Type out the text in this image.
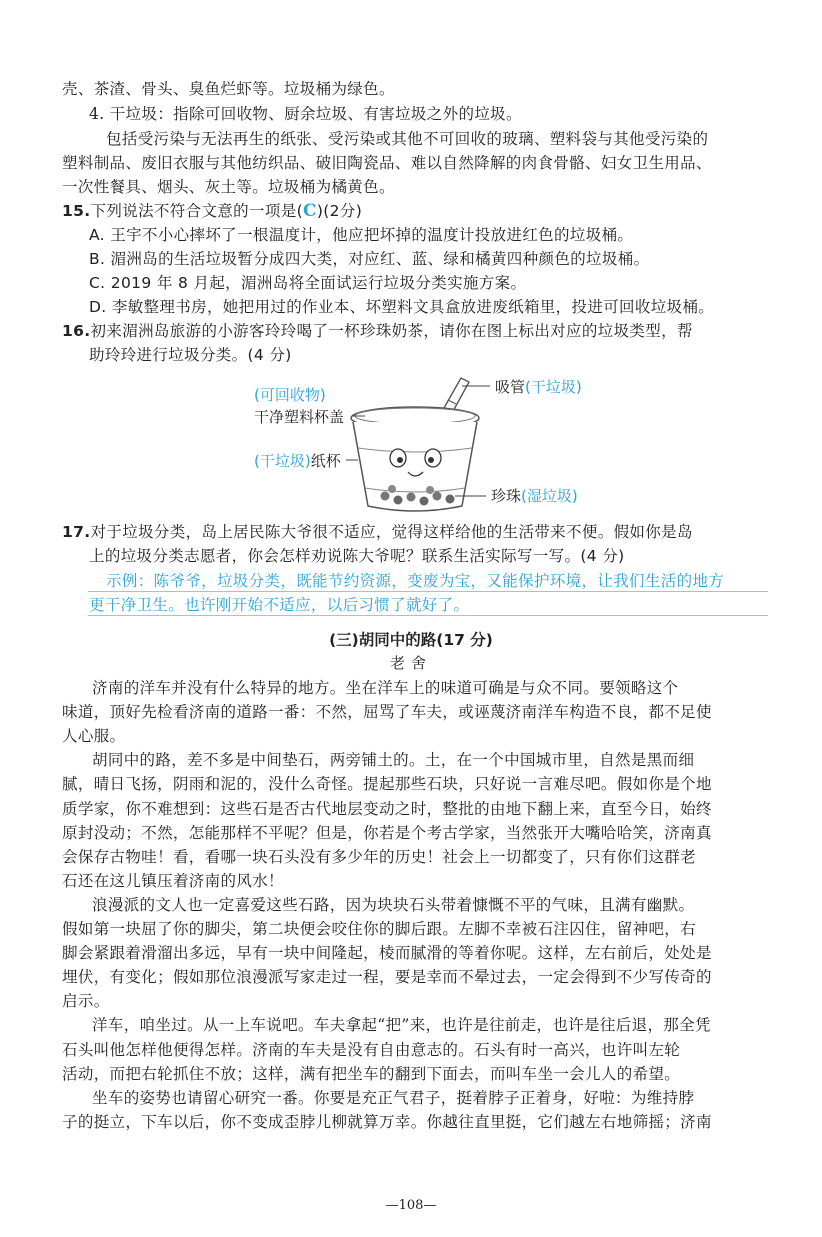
壳、茶渣、骨头、臭鱼烂虾等。垃圾桶为绿色。
4. 干垃圾：指除可回收物、厨余垃圾、有害垃圾之外的垃圾。
包括受污染与无法再生的纸张、受污染或其他不可回收的玻璃、塑料袋与其他受污染的
塑料制品、废旧衣服与其他纺织品、破旧陶瓷品、难以自然降解的肉食骨骼、妇女卫生用品、
一次性餐具、烟头、灰土等。垃圾桶为橘黄色。
15.下列说法不符合文意的一项是(C)(2分)
A. 王宇不小心摔坏了一根温度计，他应把坏掉的温度计投放进红色的垃圾桶。
B. 湄洲岛的生活垃圾暂分成四大类，对应红、蓝、绿和橘黄四种颜色的垃圾桶。
C. 2019 年 8 月起，湄洲岛将全面试运行垃圾分类实施方案。
D. 李敏整理书房，她把用过的作业本、坏塑料文具盒放进废纸箱里，投进可回收垃圾桶。
16.初来湄洲岛旅游的小游客玲玲喝了一杯珍珠奶茶，请你在图上标出对应的垃圾类型，帮
助玲玲进行垃圾分类。(4 分)
(可回收物)
干净塑料杯盖
(干垃圾)纸杯
吸管(干垃圾)
珍珠(湿垃圾)
17.对于垃圾分类，岛上居民陈大爷很不适应，觉得这样给他的生活带来不便。假如你是岛
上的垃圾分类志愿者，你会怎样劝说陈大爷呢？联系生活实际写一写。(4 分)
示例：陈爷爷，垃圾分类，既能节约资源，变废为宝，又能保护环境，让我们生活的地方
更干净卫生。也许刚开始不适应，以后习惯了就好了。
(三)胡同中的路(17 分)
老舍
济南的洋车并没有什么特异的地方。坐在洋车上的味道可确是与众不同。要领略这个
味道，顶好先检看济南的道路一番：不然，屈骂了车夫，或诬蔑济南洋车构造不良，都不足使
人心服。
胡同中的路，差不多是中间垫石，两旁铺土的。土，在一个中国城市里，自然是黑而细
腻，晴日飞扬，阴雨和泥的，没什么奇怪。提起那些石块，只好说一言难尽吧。假如你是个地
质学家，你不难想到：这些石是否古代地层变动之时，整批的由地下翻上来，直至今日，始终
原封没动；不然，怎能那样不平呢？但是，你若是个考古学家，当然张开大嘴哈哈笑，济南真
会保存古物哇！看，看哪一块石头没有多少年的历史！社会上一切都变了，只有你们这群老
石还在这儿镇压着济南的风水！
浪漫派的文人也一定喜爱这些石路，因为块块石头带着慷慨不平的气味，且满有幽默。
假如第一块屈了你的脚尖，第二块便会咬住你的脚后跟。左脚不幸被石注囚住，留神吧，右
脚会紧跟着滑溜出多远，早有一块中间隆起，棱而腻滑的等着你呢。这样，左右前后，处处是
埋伏，有变化；假如那位浪漫派写家走过一程，要是幸而不晕过去，一定会得到不少写传奇的
启示。
洋车，咱坐过。从一上车说吧。车夫拿起“把”来，也许是往前走，也许是往后退，那全凭
石头叫他怎样他便得怎样。济南的车夫是没有自由意志的。石头有时一高兴，也许叫左轮
活动，而把右轮抓住不放；这样，满有把坐车的翻到下面去，而叫车坐一会儿人的希望。
坐车的姿势也请留心研究一番。你要是充正气君子，挺着脖子正着身，好啦：为维持脖
子的挺立，下车以后，你不变成歪脖儿柳就算万幸。你越往直里挺，它们越左右地筛摇；济南
—108—
